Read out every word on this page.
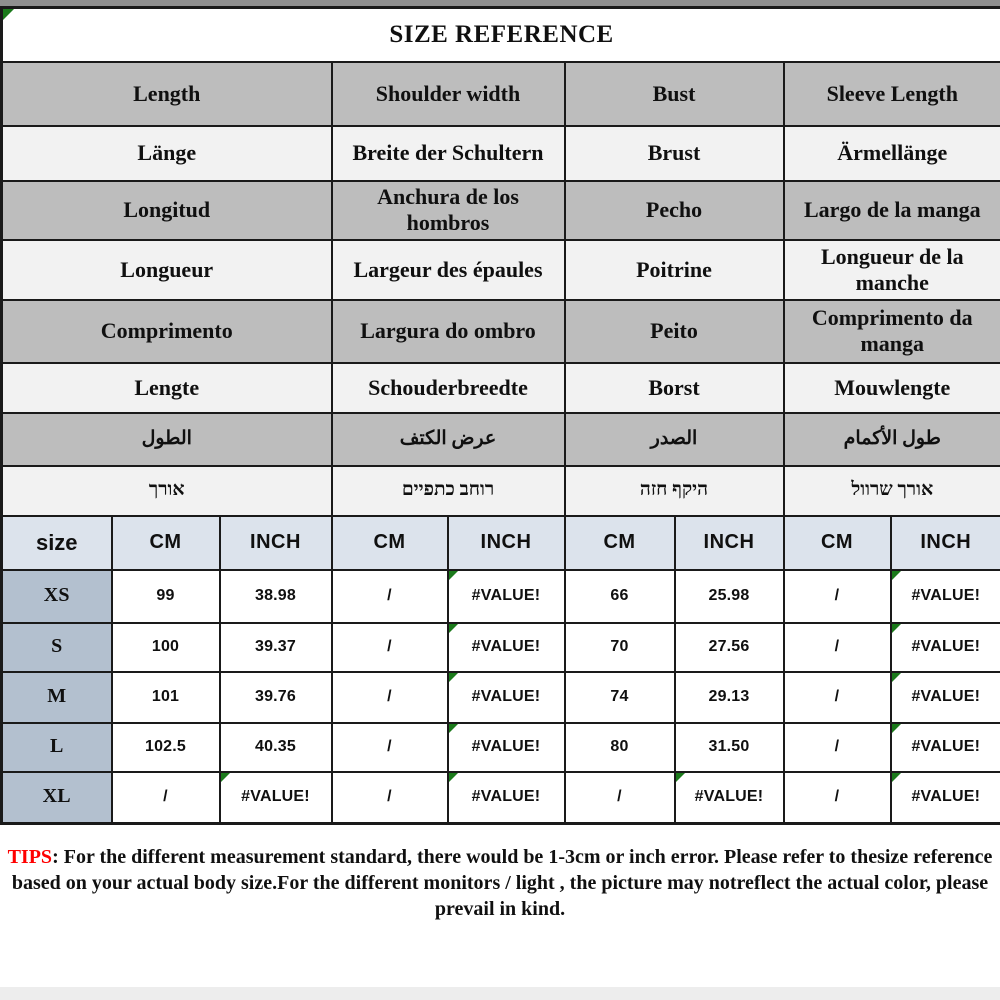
SIZE REFERENCE								
Length			Shoulder width		Bust		Sleeve Length	
Länge			Breite der Schultern		Brust		Ärmellänge	
Longitud			Anchura de los hombros		Pecho		Largo de la manga	
Longueur			Largeur des épaules		Poitrine		Longueur de la manche	
Comprimento			Largura do ombro		Peito		Comprimento da manga	
Lengte			Schouderbreedte		Borst		Mouwlengte	
الطول			عرض الكتف		الصدر		طول الأكمام	
אורך			רוחב כתפיים		היקף חזה		אורך שרוול	
size	CM	INCH	CM	INCH	CM	INCH	CM	INCH
XS	99	38.98	/	#VALUE!	66	25.98	/	#VALUE!
S	100	39.37	/	#VALUE!	70	27.56	/	#VALUE!
M	101	39.76	/	#VALUE!	74	29.13	/	#VALUE!
L	102.5	40.35	/	#VALUE!	80	31.50	/	#VALUE!
XL	/	#VALUE!	/	#VALUE!	/	#VALUE!	/	#VALUE!
TIPS: For the different measurement standard, there would be 1-3cm or inch error. Please refer to thesize reference based on your actual body size.For the different monitors / light , the picture may notreflect the actual color, please prevail in kind.
